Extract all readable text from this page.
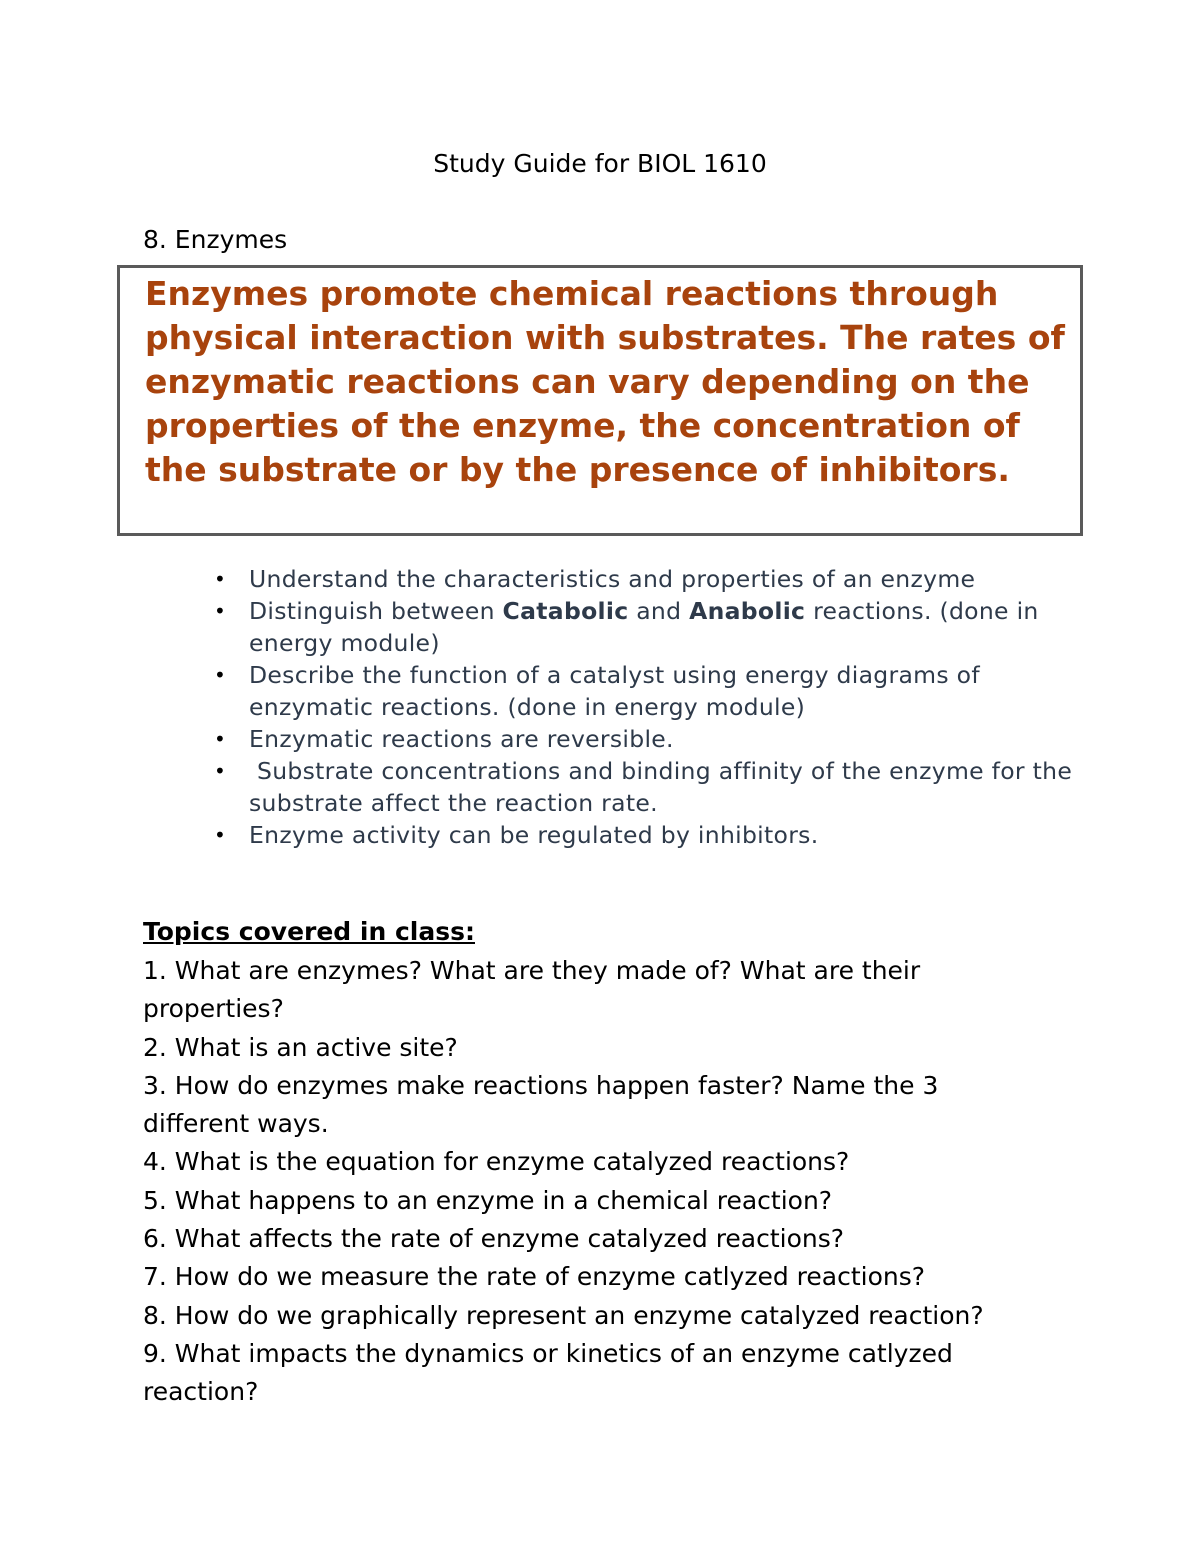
Study Guide for BIOL 1610
8. Enzymes

Enzymes promote chemical reactions through physical interaction with substrates. The rates of enzymatic reactions can vary depending on the properties of the enzyme, the concentration of the substrate or by the presence of inhibitors.

• Understand the characteristics and properties of an enzyme
• Distinguish between Catabolic and Anabolic reactions. (done in energy module)
• Describe the function of a catalyst using energy diagrams of enzymatic reactions. (done in energy module)
• Enzymatic reactions are reversible.
• Substrate concentrations and binding affinity of the enzyme for the substrate affect the reaction rate.
• Enzyme activity can be regulated by inhibitors.
Topics covered in class:
1. What are enzymes? What are they made of? What are their properties?
2. What is an active site?
3. How do enzymes make reactions happen faster? Name the 3 different ways.
4. What is the equation for enzyme catalyzed reactions?
5. What happens to an enzyme in a chemical reaction?
6. What affects the rate of enzyme catalyzed reactions?
7. How do we measure the rate of enzyme catlyzed reactions?
8. How do we graphically represent an enzyme catalyzed reaction?
9. What impacts the dynamics or kinetics of an enzyme catlyzed reaction?
